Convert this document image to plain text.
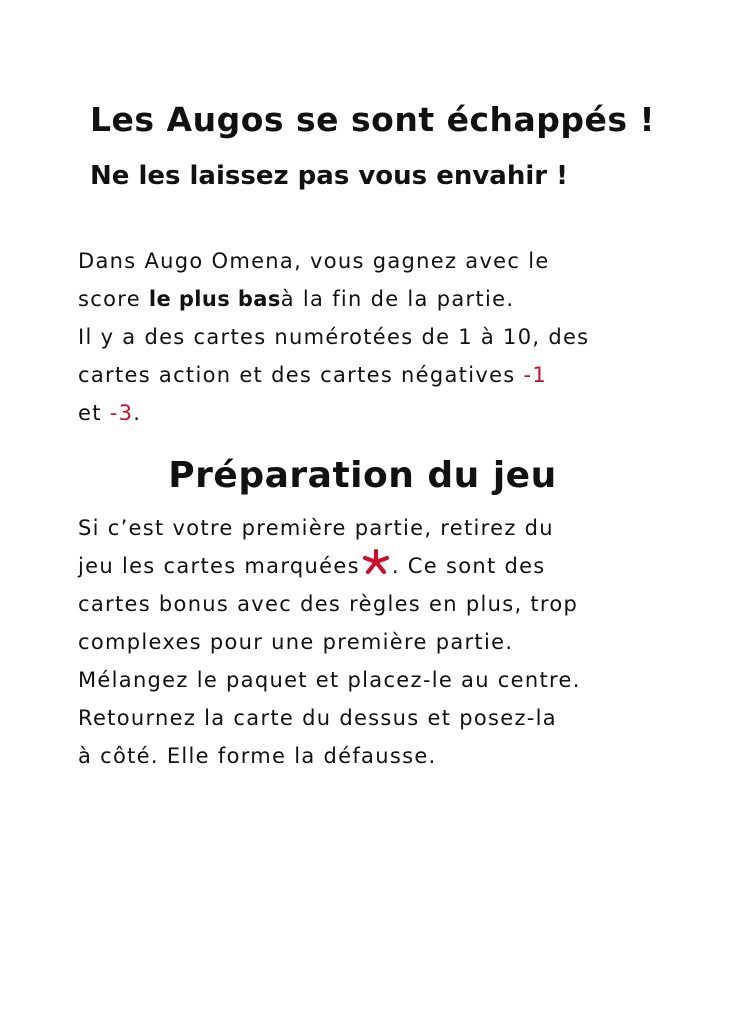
Les Augos se sont échappés !
Ne les laissez pas vous envahir !
Dans Augo Omena, vous gagnez avec le
score le plus basà la fin de la partie.
Il y a des cartes numérotées de 1 à 10, des
cartes action et des cartes négatives -1
et -3.
Préparation du jeu
Si c’est votre première partie, retirez du
jeu les cartes marquées . Ce sont des
cartes bonus avec des règles en plus, trop
complexes pour une première partie.
Mélangez le paquet et placez-le au centre.
Retournez la carte du dessus et posez-la
à côté. Elle forme la défausse.
